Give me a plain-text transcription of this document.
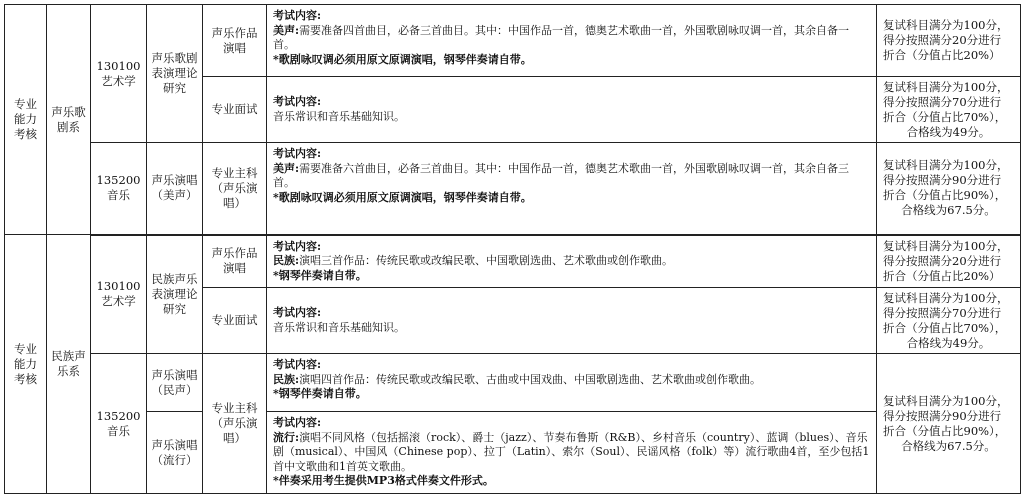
专业能力考核	声乐歌剧系	130100
艺术学	声乐歌剧表演理论研究	声乐作品演唱	考试内容:
美声:需要准备四首曲目，必备三首曲目。其中：中国作品一首，德奥艺术歌曲一首，外国歌剧咏叹调一首，其余自备一首。
*歌剧咏叹调必须用原文原调演唱，钢琴伴奏请自带。	复试科目满分为100分，
得分按照满分20分进行
折合（分值占比20%）

				专业面试	考试内容:
音乐常识和音乐基础知识。	复试科目满分为100分，
得分按照满分70分进行
折合（分值占比70%），
合格线为49分。

		135200
音乐	声乐演唱（美声）	专业主科（声乐演唱）	考试内容:
美声:需要准备六首曲目，必备三首曲目。其中：中国作品一首，德奥艺术歌曲一首，外国歌剧咏叹调一首，其余自备三首。
*歌剧咏叹调必须用原文原调演唱，钢琴伴奏请自带。	复试科目满分为100分，
得分按照满分90分进行
折合（分值占比90%），
合格线为67.5分。

专业能力考核	民族声乐系	130100
艺术学	民族声乐表演理论研究	声乐作品演唱	考试内容:
民族:演唱三首作品：传统民歌或改编民歌、中国歌剧选曲、艺术歌曲或创作歌曲。
*钢琴伴奏请自带。	复试科目满分为100分，
得分按照满分20分进行
折合（分值占比20%）

				专业面试	考试内容:
音乐常识和音乐基础知识。	复试科目满分为100分，
得分按照满分70分进行
折合（分值占比70%），
合格线为49分。

		135200
音乐	声乐演唱（民声）	专业主科（声乐演唱）	考试内容:
民族:演唱四首作品：传统民歌或改编民歌、古曲或中国戏曲、中国歌剧选曲、艺术歌曲或创作歌曲。
*钢琴伴奏请自带。	复试科目满分为100分，
得分按照满分90分进行
折合（分值占比90%），
合格线为67.5分。

			声乐演唱（流行）		考试内容:
流行:演唱不同风格（包括摇滚（rock）、爵士（jazz）、节奏布鲁斯（R&B）、乡村音乐（country）、蓝调（blues）、音乐剧（musical）、中国风（Chinese pop）、拉丁（Latin）、索尔（Soul）、民谣风格（folk）等）流行歌曲4首，至少包括1首中文歌曲和1首英文歌曲。
*伴奏采用考生提供MP3格式伴奏文件形式。	
